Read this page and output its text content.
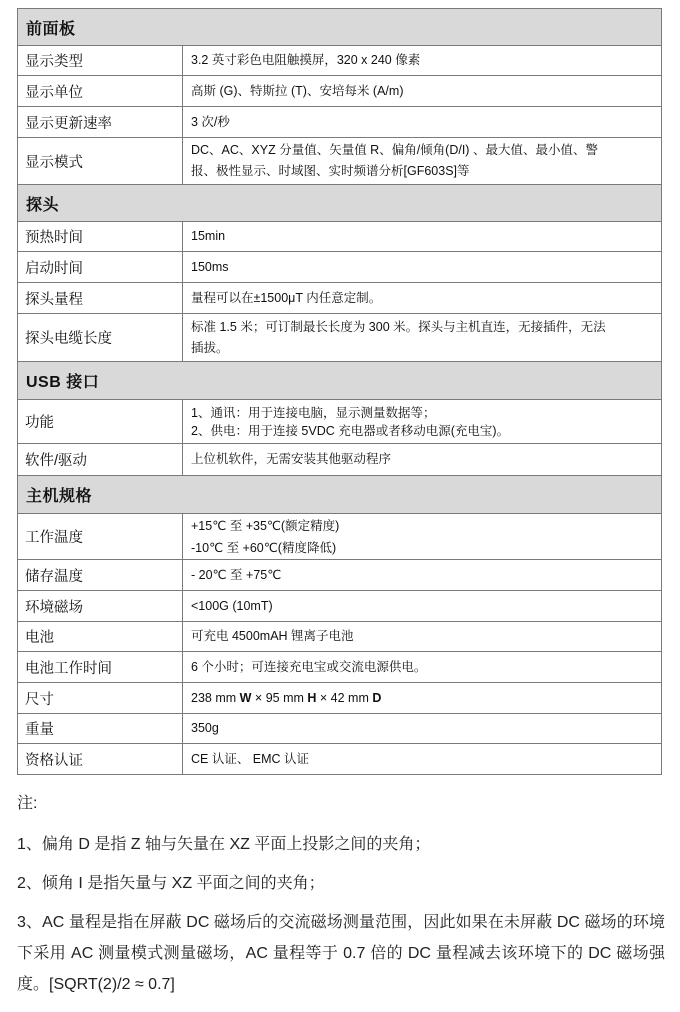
前面板	
显示类型	3.2 英寸彩色电阻触摸屏，320 x 240 像素
显示单位	高斯 (G)、特斯拉 (T)、安培每米 (A/m)
显示更新速率	3 次/秒
显示模式	DC、AC、XYZ 分量值、矢量值 R、偏角/倾角(D/I) 、最大值、最小值、警
报、极性显示、时域图、实时频谱分析[GF603S]等

探头	
预热时间	15min
启动时间	150ms
探头量程	量程可以在±1500μT 内任意定制。
探头电缆长度	标准 1.5 米；可订制最长长度为 300 米。探头与主机直连，无接插件，无法
插拔。

USB 接口	
功能	1、通讯：用于连接电脑，显示测量数据等；
2、供电：用于连接 5VDC 充电器或者移动电源(充电宝)。

软件/驱动	上位机软件，无需安装其他驱动程序
主机规格	
工作温度	+15℃ 至 +35℃(额定精度)
-10℃ 至 +60℃(精度降低)

储存温度	- 20℃ 至 +75℃
环境磁场	<100G (10mT)
电池	可充电 4500mAH 锂离子电池
电池工作时间	6 个小时；可连接充电宝或交流电源供电。
尺寸	238 mm W × 95 mm H × 42 mm D
重量	350g
资格认证	CE 认证、 EMC 认证
注:
1、偏角 D 是指 Z 轴与矢量在 XZ 平面上投影之间的夹角；
2、倾角 I 是指矢量与 XZ 平面之间的夹角；
3、AC 量程是指在屏蔽 DC 磁场后的交流磁场测量范围，因此如果在未屏蔽 DC 磁场的环境下采用 AC 测量模式测量磁场，AC 量程等于 0.7 倍的 DC 量程减去该环境下的 DC 磁场强度。[SQRT(2)/2 ≈ 0.7]
